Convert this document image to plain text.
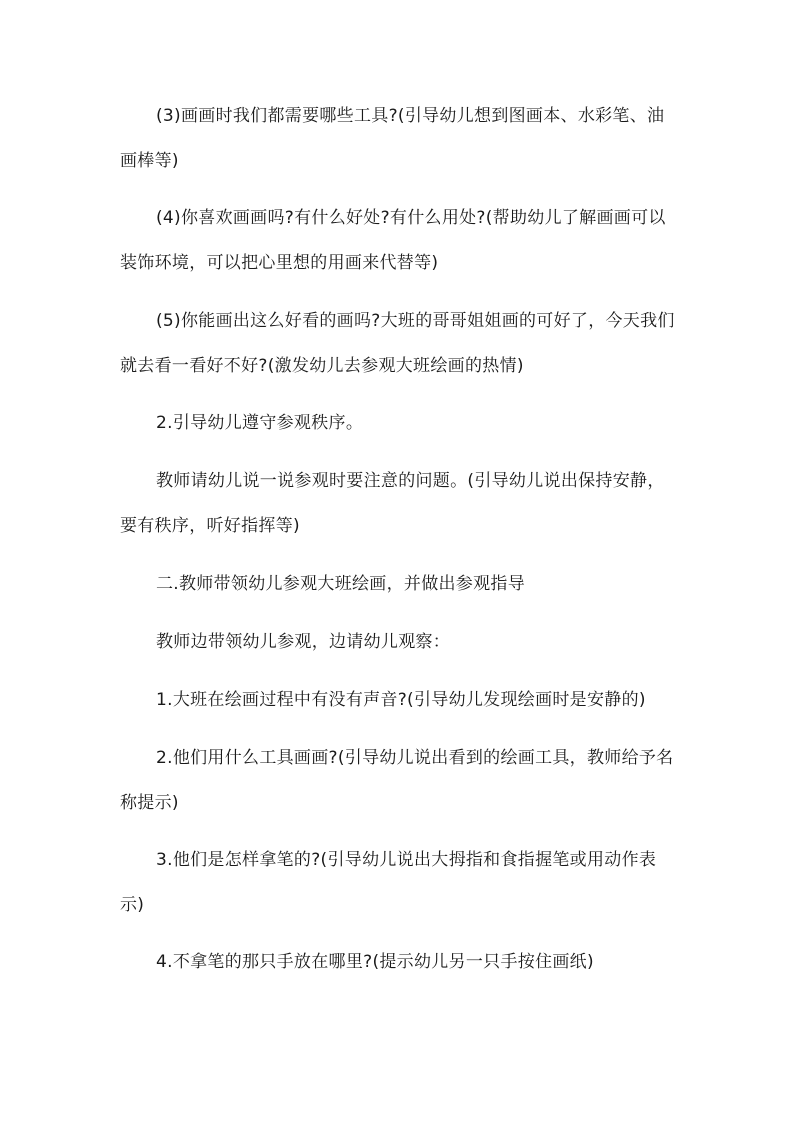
(3)画画时我们都需要哪些工具?(引导幼儿想到图画本、水彩笔、油画棒等)

(4)你喜欢画画吗?有什么好处?有什么用处?(帮助幼儿了解画画可以装饰环境，可以把心里想的用画来代替等)

(5)你能画出这么好看的画吗?大班的哥哥姐姐画的可好了，今天我们就去看一看好不好?(激发幼儿去参观大班绘画的热情)

2.引导幼儿遵守参观秩序。

教师请幼儿说一说参观时要注意的问题。(引导幼儿说出保持安静，要有秩序，听好指挥等)

二.教师带领幼儿参观大班绘画，并做出参观指导

教师边带领幼儿参观，边请幼儿观察：

1.大班在绘画过程中有没有声音?(引导幼儿发现绘画时是安静的)

2.他们用什么工具画画?(引导幼儿说出看到的绘画工具，教师给予名称提示)

3.他们是怎样拿笔的?(引导幼儿说出大拇指和食指握笔或用动作表示)

4.不拿笔的那只手放在哪里?(提示幼儿另一只手按住画纸)
